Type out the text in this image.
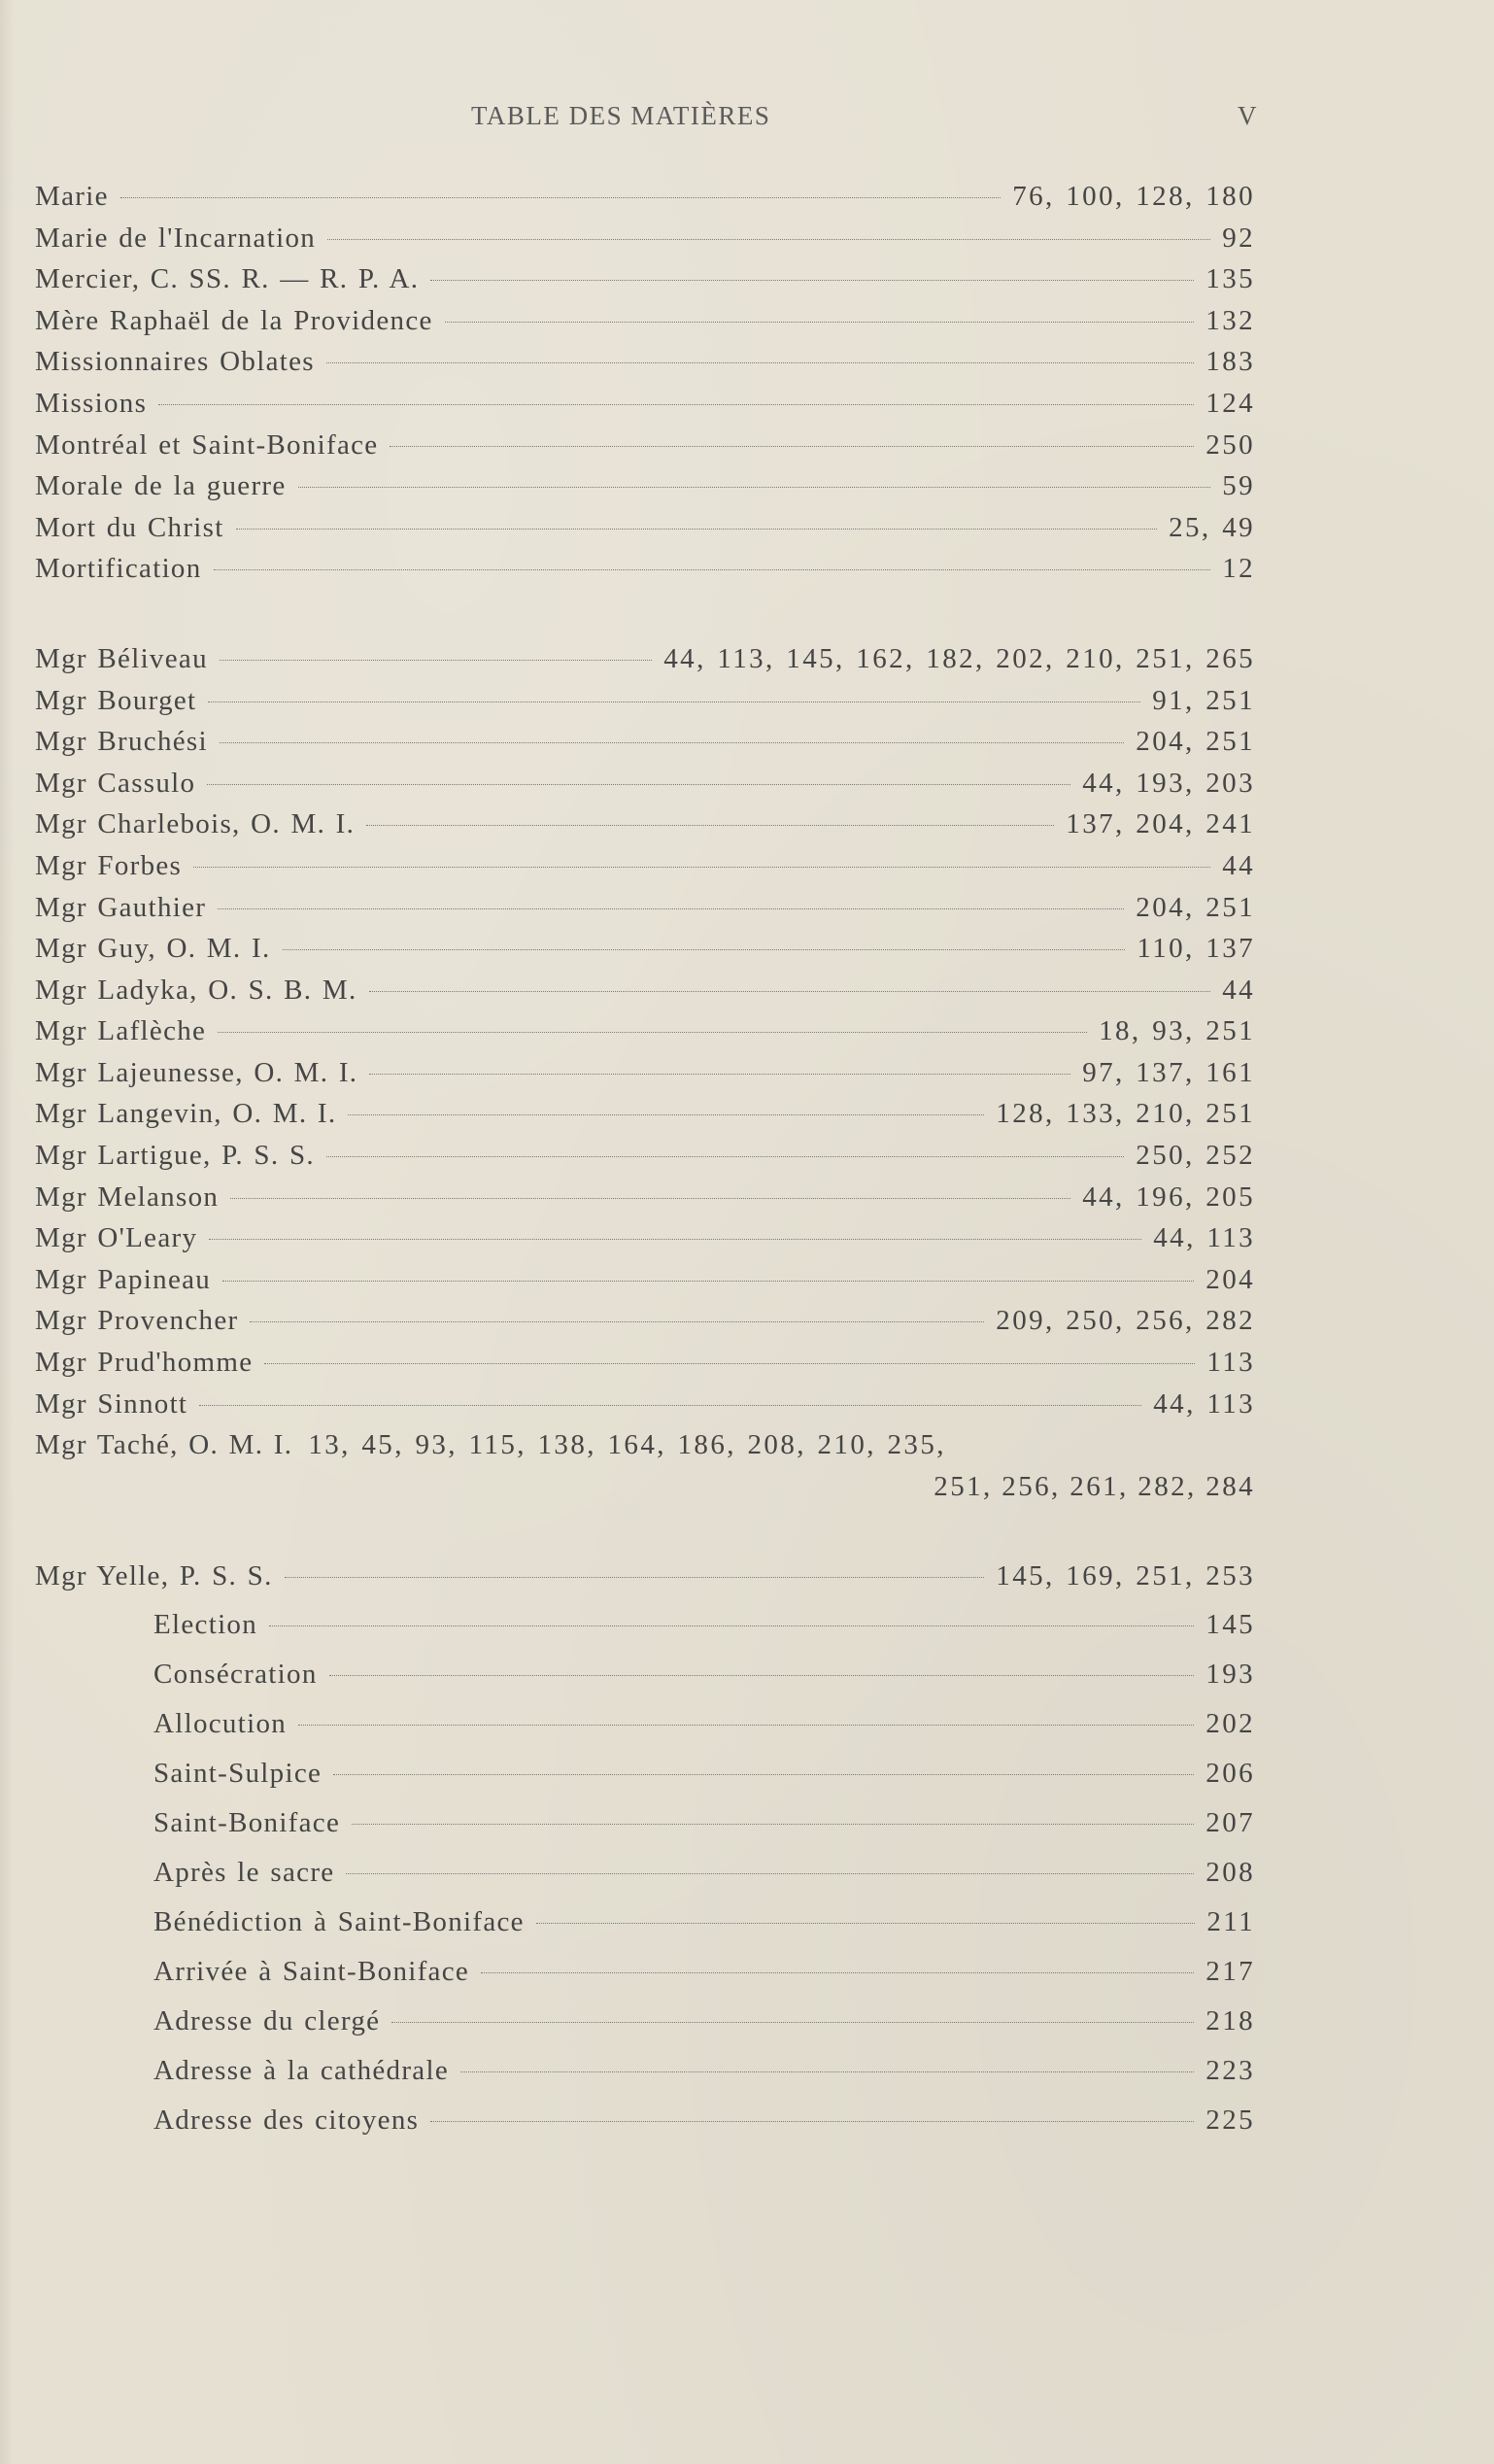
TABLE DES MATIÈRES	V
Marie	76, 100, 128, 180
Marie de l'Incarnation	92
Mercier, C. SS. R. — R. P. A.	135
Mère Raphaël de la Providence	132
Missionnaires Oblates	183
Missions	124
Montréal et Saint-Boniface	250
Morale de la guerre	59
Mort du Christ	25, 49
Mortification	12
Mgr Béliveau	44, 113, 145, 162, 182, 202, 210, 251, 265
Mgr Bourget	91, 251
Mgr Bruchési	204, 251
Mgr Cassulo	44, 193, 203
Mgr Charlebois, O. M. I.	137, 204, 241
Mgr Forbes	44
Mgr Gauthier	204, 251
Mgr Guy, O. M. I.	110, 137
Mgr Ladyka, O. S. B. M.	44
Mgr Laflèche	18, 93, 251
Mgr Lajeunesse, O. M. I.	97, 137, 161
Mgr Langevin, O. M. I.	128, 133, 210, 251
Mgr Lartigue, P. S. S.	250, 252
Mgr Melanson	44, 196, 205
Mgr O'Leary	44, 113
Mgr Papineau	204
Mgr Provencher	209, 250, 256, 282
Mgr Prud'homme	113
Mgr Sinnott	44, 113
Mgr Taché, O. M. I. 13, 45, 93, 115, 138, 164, 186, 208, 210, 235,
251, 256, 261, 282, 284
Mgr Yelle, P. S. S.	145, 169, 251, 253
Election	145
Consécration	193
Allocution	202
Saint-Sulpice	206
Saint-Boniface	207
Après le sacre	208
Bénédiction à Saint-Boniface	211
Arrivée à Saint-Boniface	217
Adresse du clergé	218
Adresse à la cathédrale	223
Adresse des citoyens	225
